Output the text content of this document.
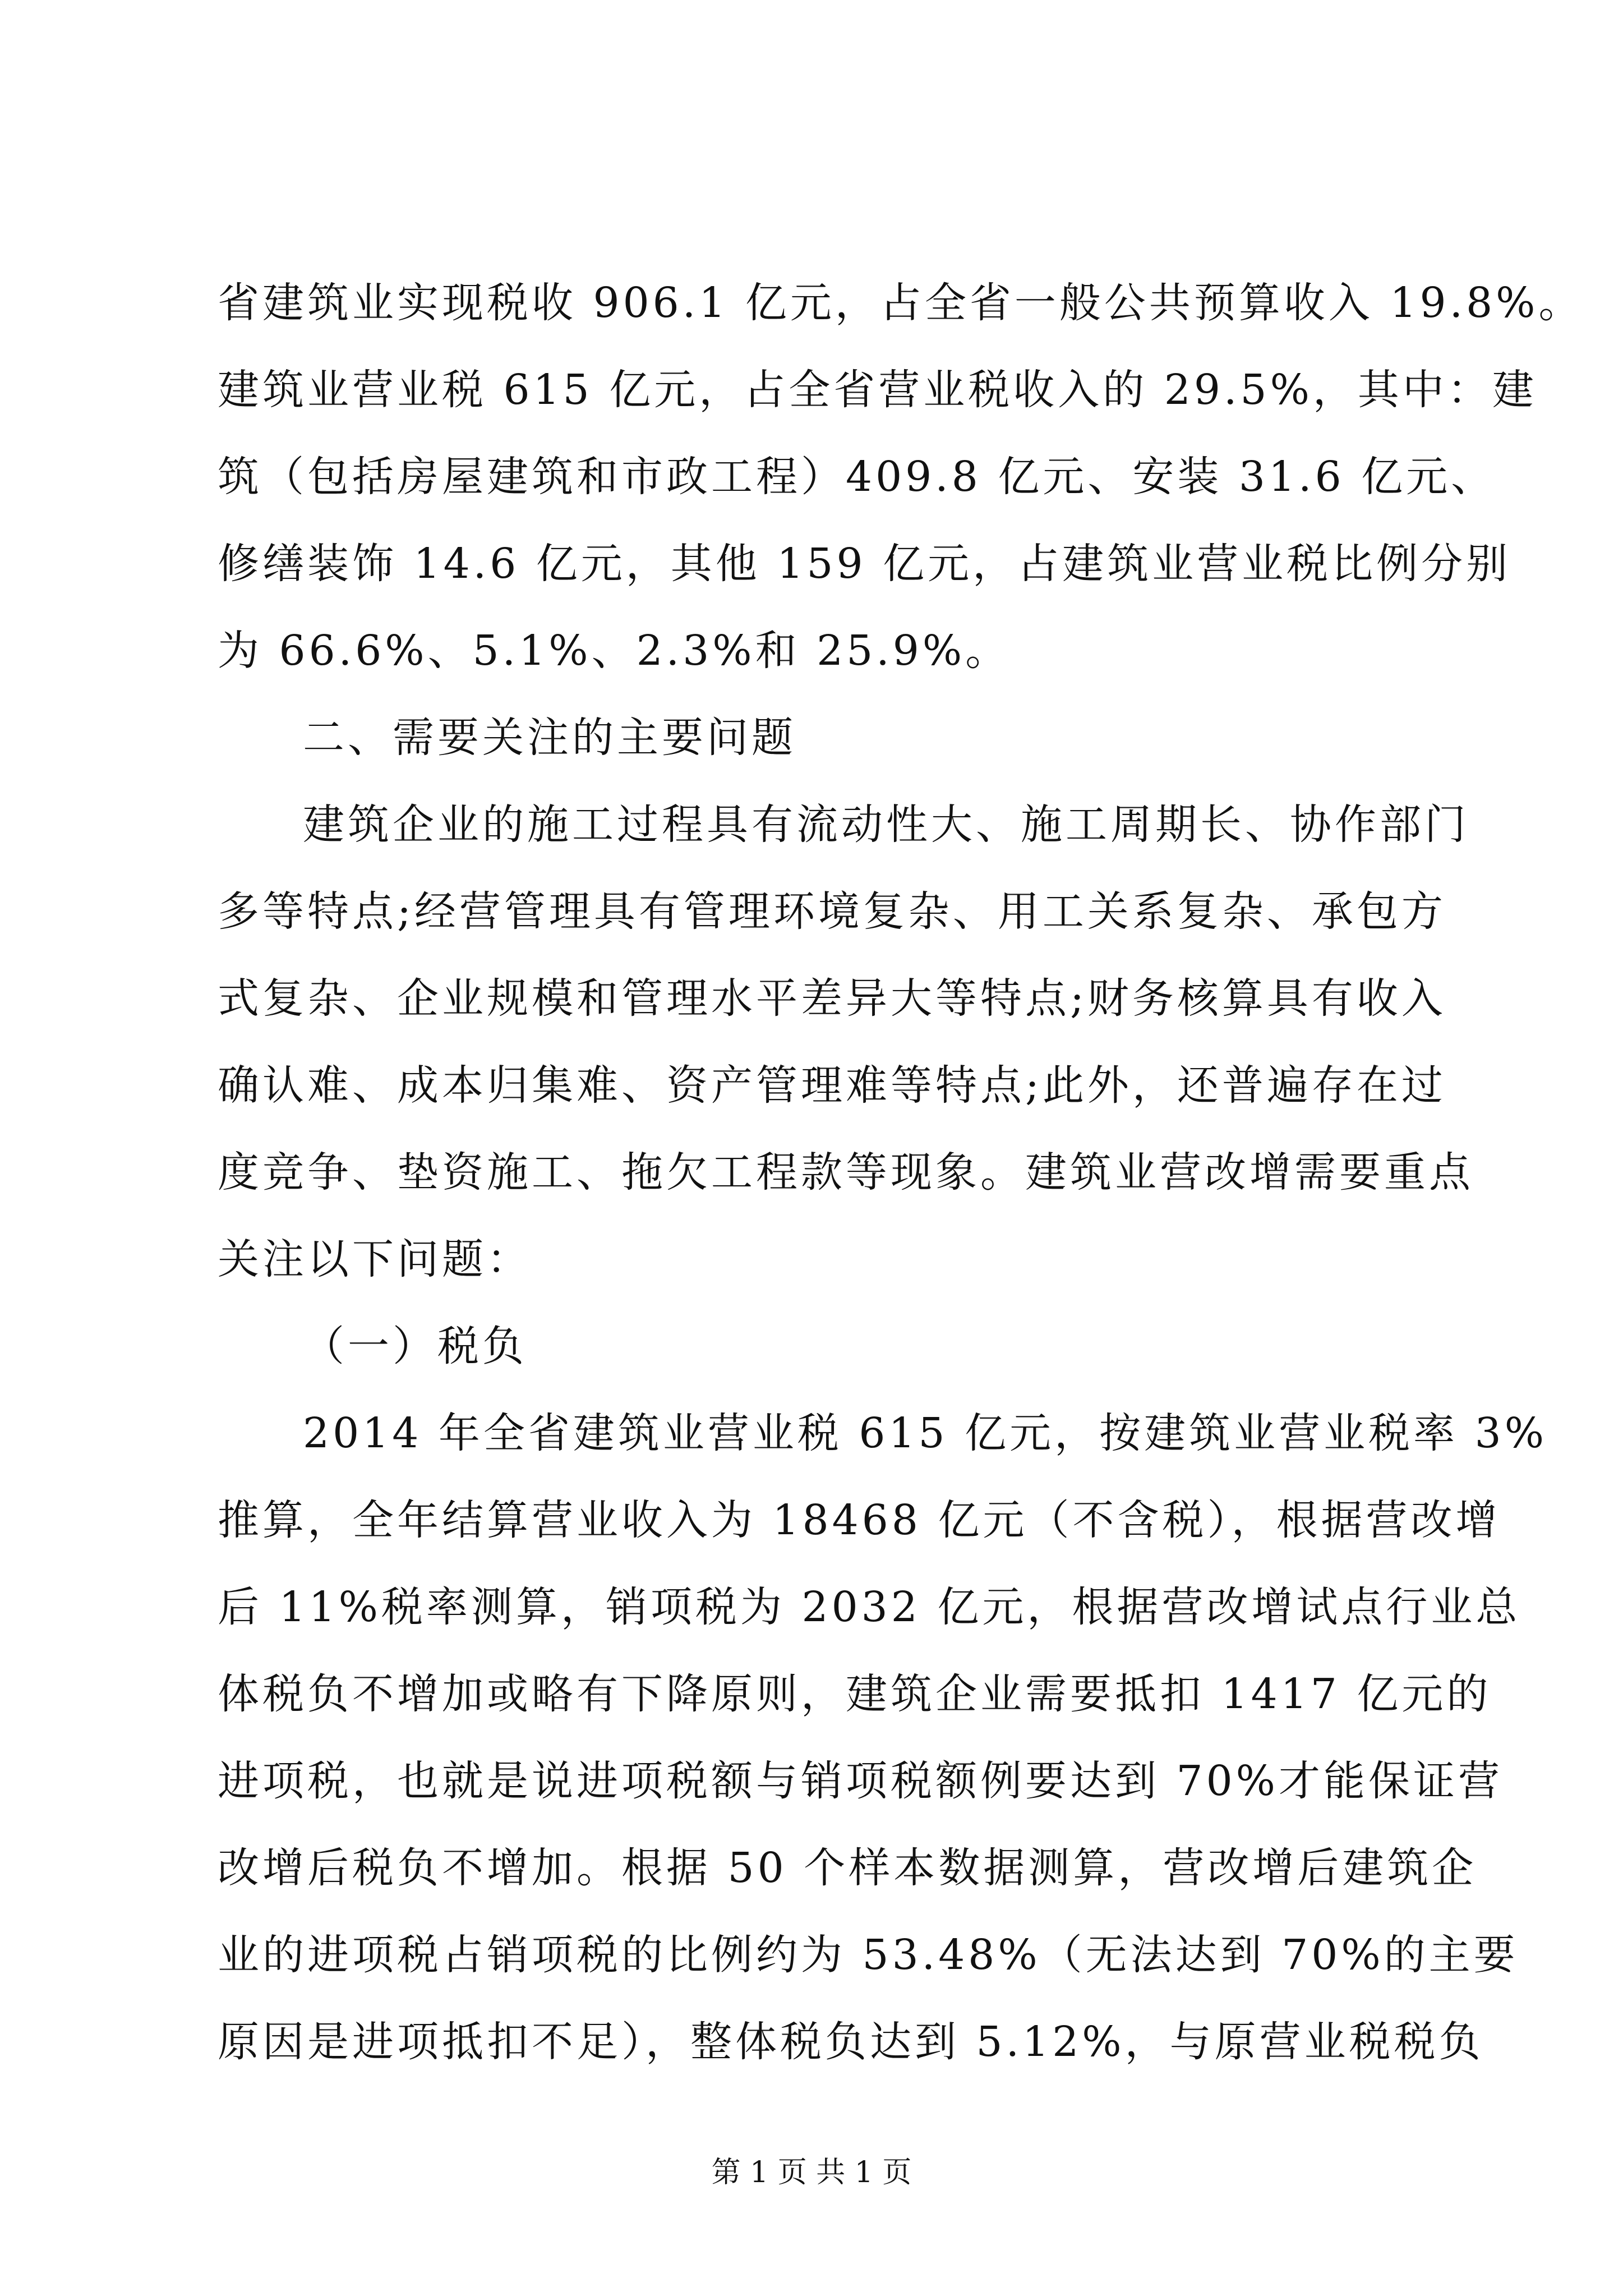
省建筑业实现税收 906.1 亿元，占全省一般公共预算收入 19.8%。
建筑业营业税 615 亿元，占全省营业税收入的 29.5%，其中：建
筑（包括房屋建筑和市政工程）409.8 亿元、安装 31.6 亿元、
修缮装饰 14.6 亿元，其他 159 亿元，占建筑业营业税比例分别
为 66.6%、5.1%、2.3%和 25.9%。
二、需要关注的主要问题
建筑企业的施工过程具有流动性大、施工周期长、协作部门
多等特点;经营管理具有管理环境复杂、用工关系复杂、承包方
式复杂、企业规模和管理水平差异大等特点;财务核算具有收入
确认难、成本归集难、资产管理难等特点;此外，还普遍存在过
度竞争、垫资施工、拖欠工程款等现象。建筑业营改增需要重点
关注以下问题：
（一）税负
2014 年全省建筑业营业税 615 亿元，按建筑业营业税率 3%
推算，全年结算营业收入为 18468 亿元（不含税），根据营改增
后 11%税率测算，销项税为 2032 亿元，根据营改增试点行业总
体税负不增加或略有下降原则，建筑企业需要抵扣 1417 亿元的
进项税，也就是说进项税额与销项税额例要达到 70%才能保证营
改增后税负不增加。根据 50 个样本数据测算，营改增后建筑企
业的进项税占销项税的比例约为 53.48%（无法达到 70%的主要
原因是进项抵扣不足），整体税负达到 5.12%，与原营业税税负
第 1 页 共 1 页
